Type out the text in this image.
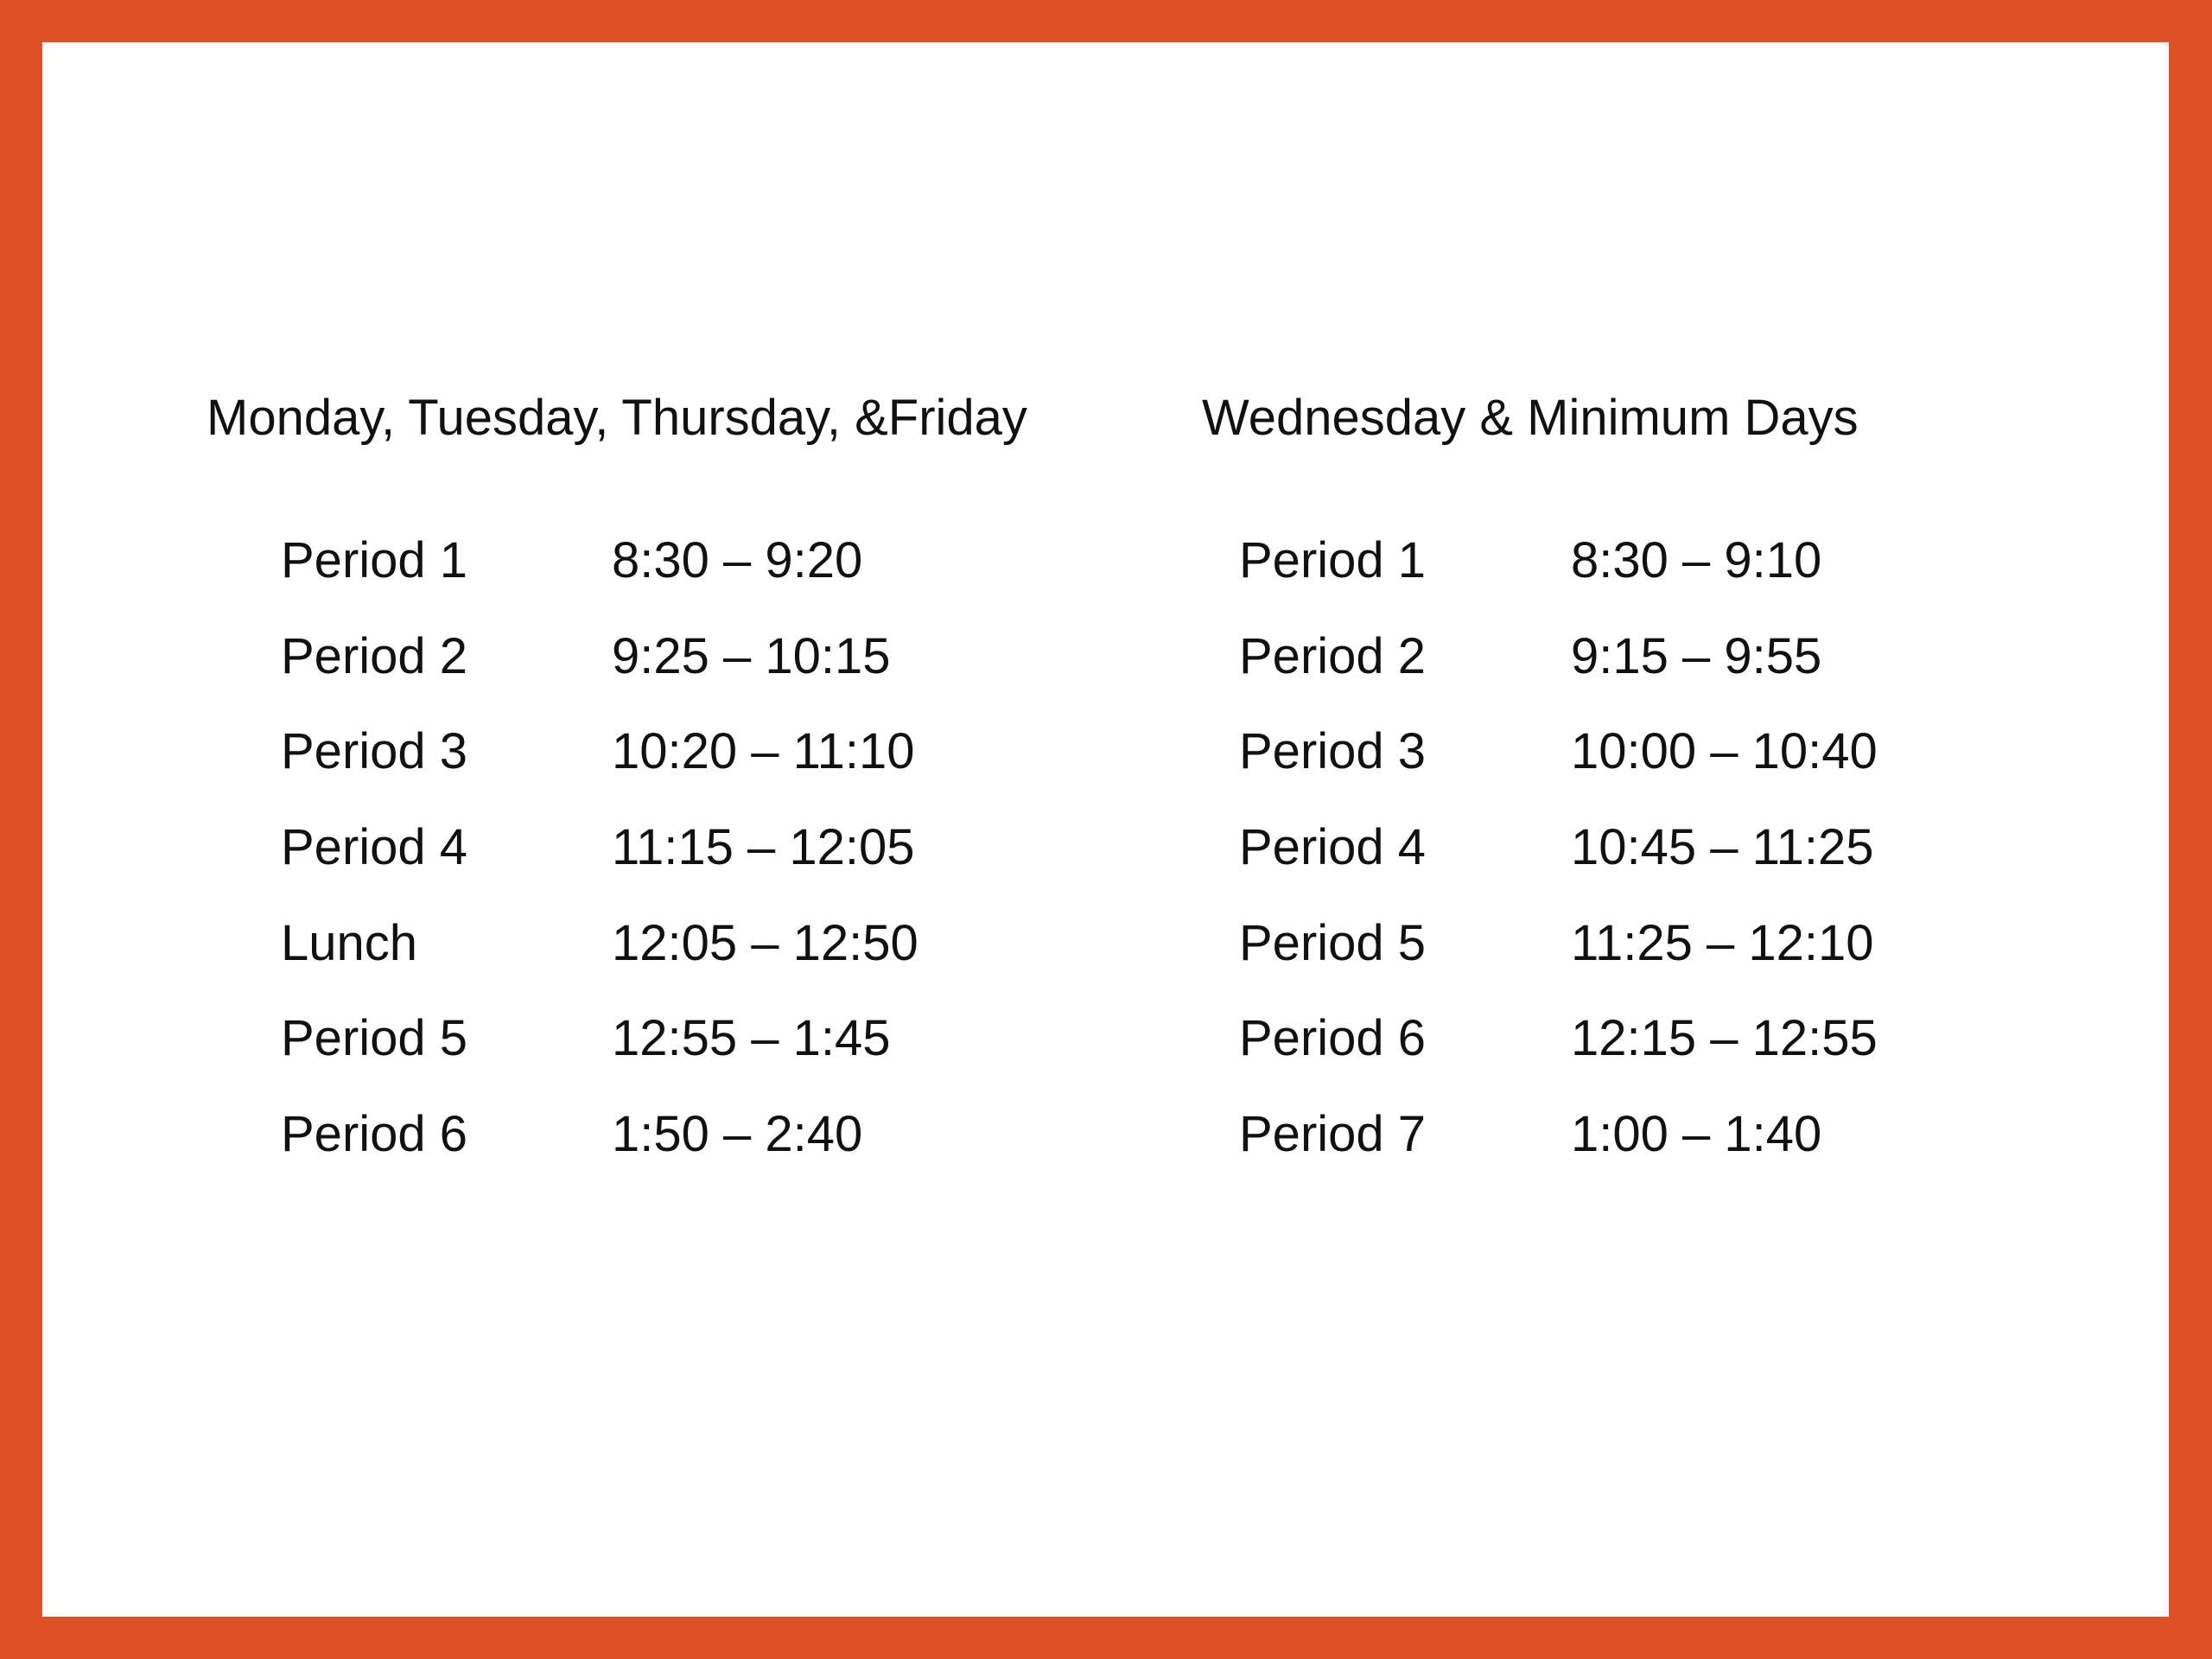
Monday, Tuesday, Thursday, &Friday	Wednesday & Minimum Days
Period 1	8:30 – 9:20
Period 2	9:25 – 10:15
Period 3	10:20 – 11:10
Period 4	11:15 – 12:05
Lunch	12:05 – 12:50
Period 5	12:55 – 1:45
Period 6	1:50 – 2:40
Period 1	8:30 – 9:10
Period 2	9:15 – 9:55
Period 3	10:00 – 10:40
Period 4	10:45 – 11:25
Period 5	11:25 – 12:10
Period 6	12:15 – 12:55
Period 7	1:00 – 1:40
